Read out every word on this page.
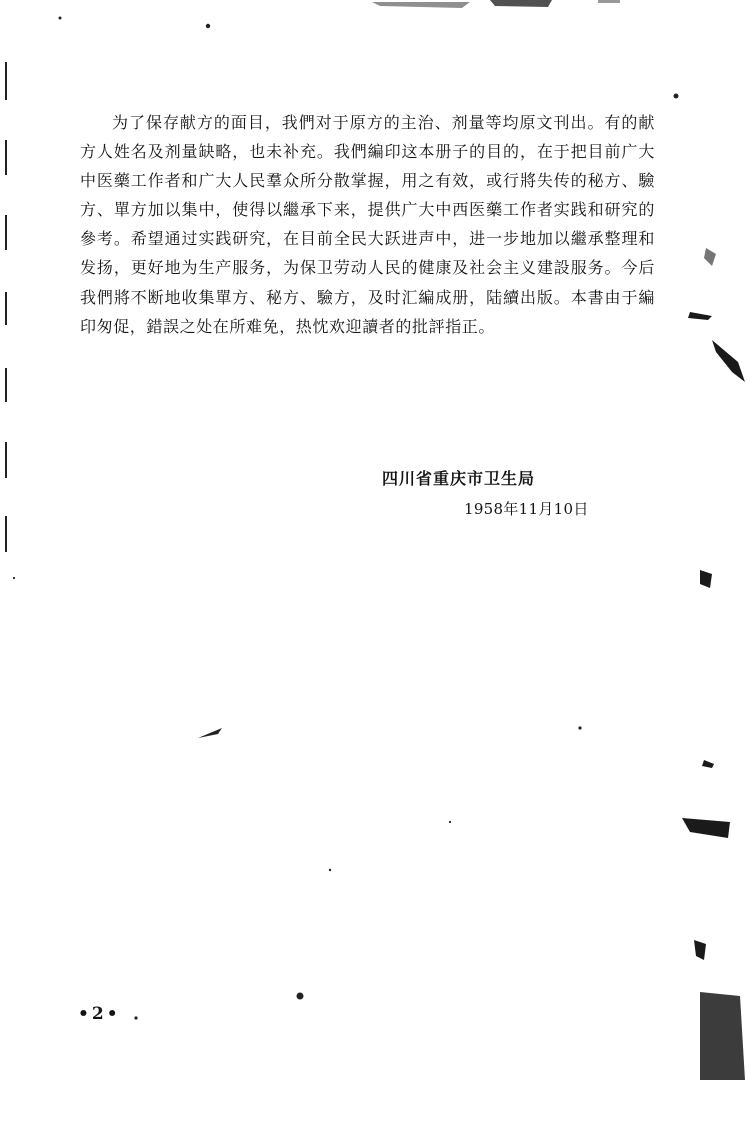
为了保存献方的面目，我們对于原方的主治、剂量等均原文刊出。有的献方人姓名及剂量缺略，也未补充。我們編印这本册子的目的，在于把目前广大中医藥工作者和广大人民羣众所分散掌握，用之有效，或行將失传的秘方、驗方、單方加以集中，使得以繼承下来，提供广大中西医藥工作者实践和研究的參考。希望通过实践研究，在目前全民大跃进声中，进一步地加以繼承整理和发扬，更好地为生产服务，为保卫劳动人民的健康及社会主义建設服务。今后我們將不断地收集單方、秘方、驗方，及时汇編成册，陆續出版。本書由于編印匆促，錯誤之处在所难免，热忱欢迎讀者的批評指正。

四川省重庆市卫生局
1958年11月10日
•2•
